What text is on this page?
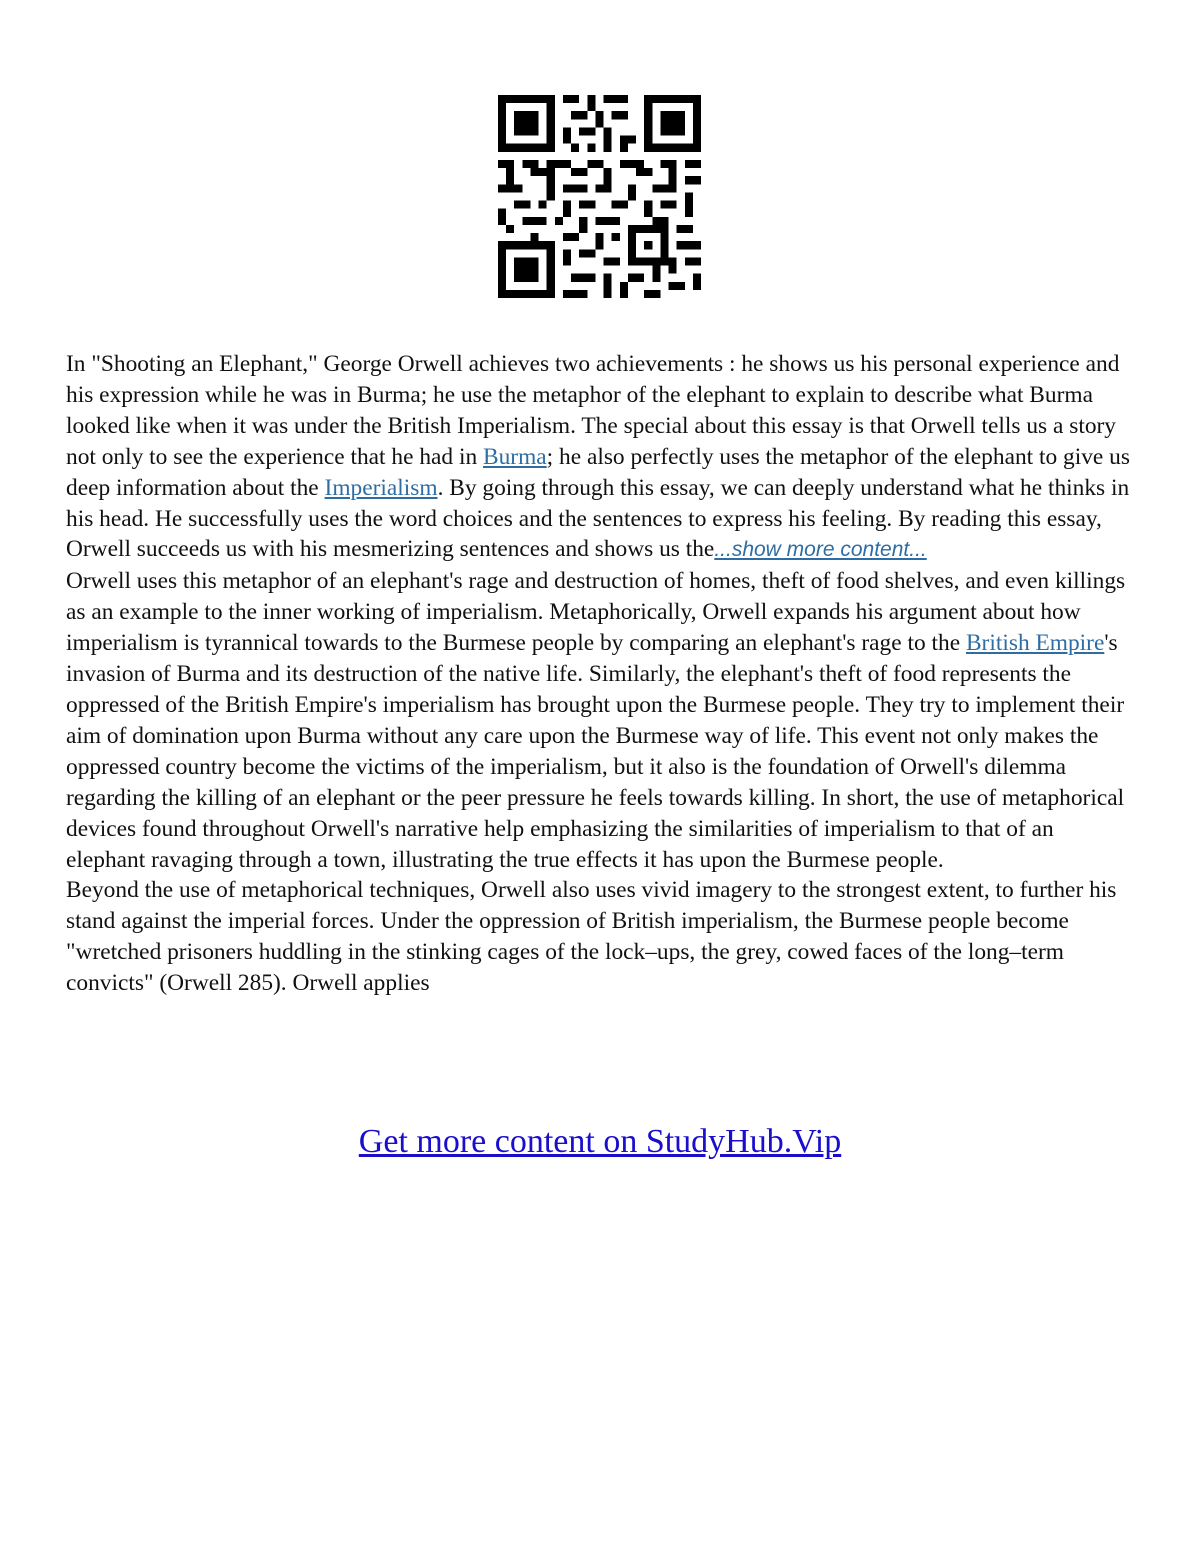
In "Shooting an Elephant," George Orwell achieves two achievements : he shows us his personal experience and his expression while he was in Burma; he use the metaphor of the elephant to explain to describe what Burma looked like when it was under the British Imperialism. The special about this essay is that Orwell tells us a story not only to see the experience that he had in Burma; he also perfectly uses the metaphor of the elephant to give us deep information about the Imperialism. By going through this essay, we can deeply understand what he thinks in his head. He successfully uses the word choices and the sentences to express his feeling. By reading this essay, Orwell succeeds us with his mesmerizing sentences and shows us the...show more content...

Orwell uses this metaphor of an elephant's rage and destruction of homes, theft of food shelves, and even killings as an example to the inner working of imperialism. Metaphorically, Orwell expands his argument about how imperialism is tyrannical towards to the Burmese people by comparing an elephant's rage to the British Empire's invasion of Burma and its destruction of the native life. Similarly, the elephant's theft of food represents the oppressed of the British Empire's imperialism has brought upon the Burmese people. They try to implement their aim of domination upon Burma without any care upon the Burmese way of life. This event not only makes the oppressed country become the victims of the imperialism, but it also is the foundation of Orwell's dilemma regarding the killing of an elephant or the peer pressure he feels towards killing. In short, the use of metaphorical devices found throughout Orwell's narrative help emphasizing the similarities of imperialism to that of an elephant ravaging through a town, illustrating the true effects it has upon the Burmese people.

Beyond the use of metaphorical techniques, Orwell also uses vivid imagery to the strongest extent, to further his stand against the imperial forces. Under the oppression of British imperialism, the Burmese people become "wretched prisoners huddling in the stinking cages of the lock–ups, the grey, cowed faces of the long–term convicts" (Orwell 285). Orwell applies

Get more content on StudyHub.Vip
